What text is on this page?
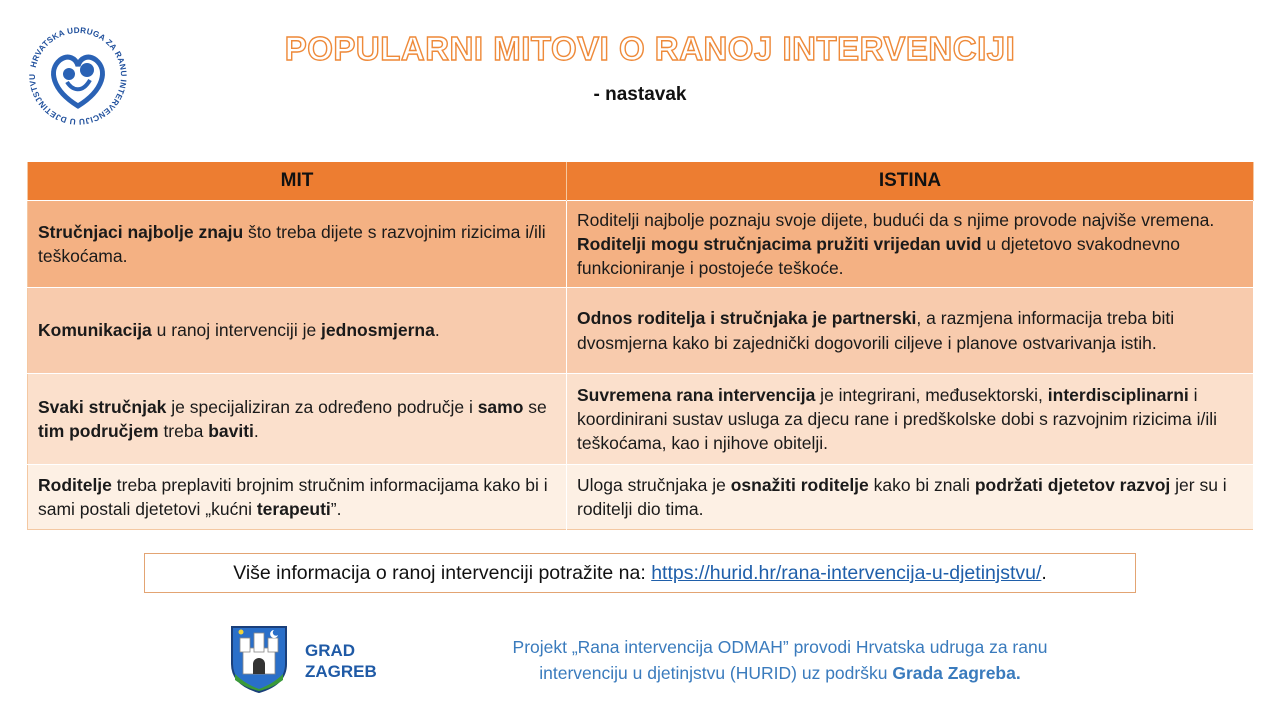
HRVATSKA UDRUGA ZA RANU INTERVENCIJU U DJETINJSTVU
POPULARNI MITOVI O RANOJ INTERVENCIJI
- nastavak
MIT	ISTINA
Stručnjaci najbolje znaju što treba dijete s razvojnim rizicima i/ili teškoćama.	Roditelji najbolje poznaju svoje dijete, budući da s njime provode najviše vremena. Roditelji mogu stručnjacima pružiti vrijedan uvid u djetetovo svakodnevno funkcioniranje i postojeće teškoće.
Komunikacija u ranoj intervenciji je jednosmjerna.	Odnos roditelja i stručnjaka je partnerski, a razmjena informacija treba biti dvosmjerna kako bi zajednički dogovorili ciljeve i planove ostvarivanja istih.
Svaki stručnjak je specijaliziran za određeno područje i samo se tim područjem treba baviti.	Suvremena rana intervencija je integrirani, međusektorski, interdisciplinarni i koordinirani sustav usluga za djecu rane i predškolske dobi s razvojnim rizicima i/ili teškoćama, kao i njihove obitelji.
Roditelje treba preplaviti brojnim stručnim informacijama kako bi i sami postali djetetovi „kućni terapeuti”.	Uloga stručnjaka je osnažiti roditelje kako bi znali podržati djetetov razvoj jer su i roditelji dio tima.
Više informacija o ranoj intervenciji potražite na: https://hurid.hr/rana-intervencija-u-djetinjstvu/.
GRAD
ZAGREB
Projekt „Rana intervencija ODMAH” provodi Hrvatska udruga za ranu intervenciju u djetinjstvu (HURID) uz podršku Grada Zagreba.
